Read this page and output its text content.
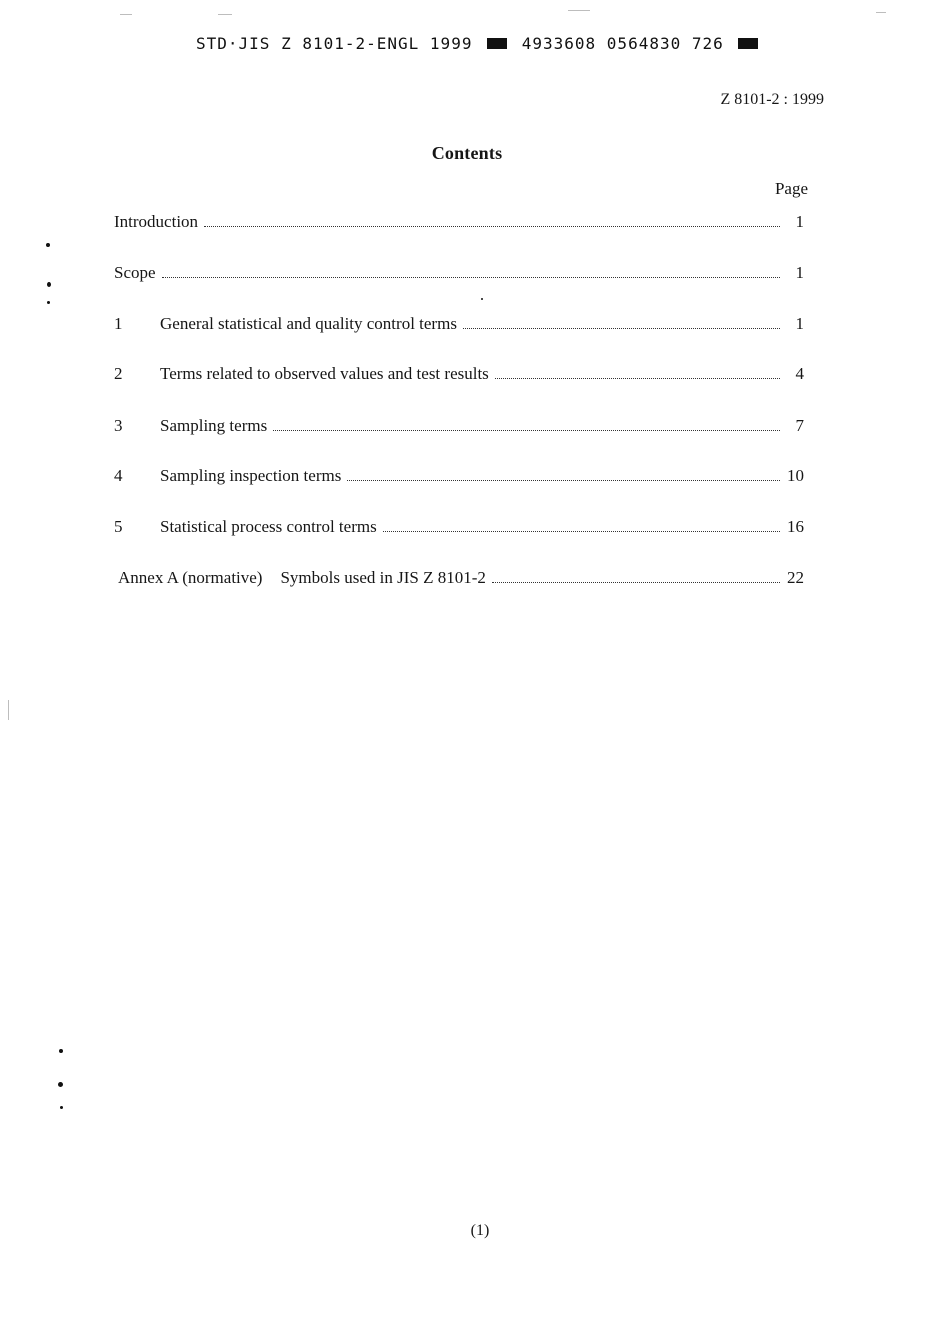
STD·JIS Z 8101-2-ENGL 1999	4933608 0564830 726
Z 8101-2 : 1999
Contents
Page
Introduction	1
Scope	1
1	General statistical and quality control terms	1
2	Terms related to observed values and test results	4
3	Sampling terms	7
4	Sampling inspection terms	10
5	Statistical process control terms	16
Annex A (normative) Symbols used in JIS Z 8101-2	22
(1)
